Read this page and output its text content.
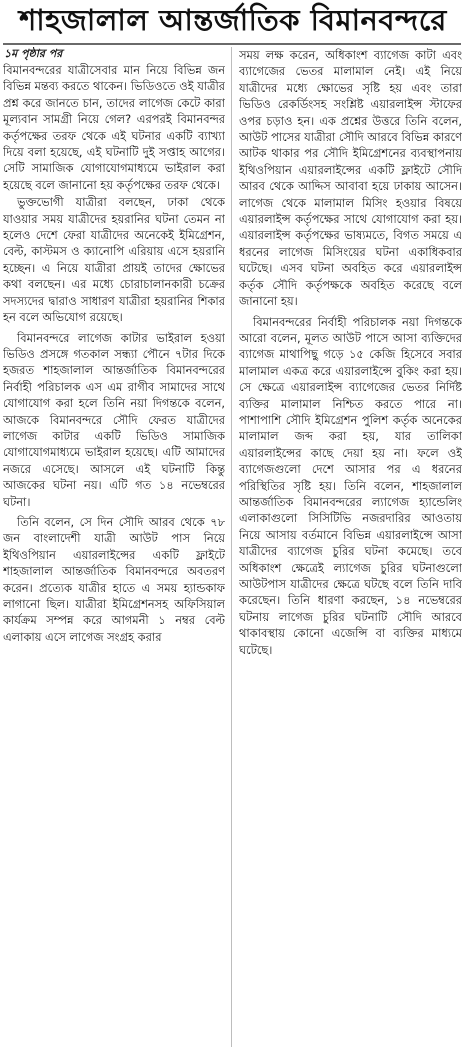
শাহজালাল আন্তর্জাতিক বিমানবন্দরে
১ম পৃষ্ঠার পর

বিমানবন্দরের যাত্রীসেবার মান নিয়ে বিভিন্ন জন বিভিন্ন মন্তব্য করতে থাকেন। ভিডিওতে ওই যাত্রীর প্রশ্ন করে জানতে চান, তাদের লাগেজ কেটে কারা মূল্যবান সামগ্রী নিয়ে গেল? এরপরই বিমানবন্দর কর্তৃপক্ষের তরফ থেকে এই ঘটনার একটি ব্যাখ্যা দিয়ে বলা হয়েছে, এই ঘটনাটি দুই সপ্তাহ আগের। সেটি সামাজিক যোগাযোগমাধ্যমে ভাইরাল করা হয়েছে বলে জানানো হয় কর্তৃপক্ষের তরফ থেকে।

ভুক্তভোগী যাত্রীরা বলছেন, ঢাকা থেকে যাওয়ার সময় যাত্রীদের হয়রানির ঘটনা তেমন না হলেও দেশে ফেরা যাত্রীদের অনেকেই ইমিগ্রেশন, বেল্ট, কাস্টমস ও ক্যানোপি এরিয়ায় এসে হয়রানি হচ্ছেন। এ নিয়ে যাত্রীরা প্রায়ই তাদের ক্ষোভের কথা বলছেন। এর মধ্যে চোরাচালানকারী চক্রের সদস্যদের দ্বারাও সাধারণ যাত্রীরা হয়রানির শিকার হন বলে অভিযোগ রয়েছে।

বিমানবন্দরে লাগেজ কাটার ভাইরাল হওয়া ভিডিও প্রসঙ্গে গতকাল সন্ধ্যা পৌনে ৭টার দিকে হজরত শাহজালাল আন্তর্জাতিক বিমানবন্দরের নির্বাহী পরিচালক এস এম রাগীব সামাদের সাথে যোগাযোগ করা হলে তিনি নয়া দিগন্তকে বলেন, আজকে বিমানবন্দরে সৌদি ফেরত যাত্রীদের লাগেজ কাটার একটি ভিডিও সামাজিক যোগাযোগমাধ্যমে ভাইরাল হয়েছে। এটি আমাদের নজরে এসেছে। আসলে এই ঘটনাটি কিন্তু আজকের ঘটনা নয়। এটি গত ১৪ নভেম্বরের ঘটনা।

তিনি বলেন, সে দিন সৌদি আরব থেকে ৭৮ জন বাংলাদেশী যাত্রী আউট পাস নিয়ে ইথিওপিয়ান এয়ারলাইন্সের একটি ফ্লাইটে শাহজালাল আন্তর্জাতিক বিমানবন্দরে অবতরণ করেন। প্রত্যেক যাত্রীর হাতে এ সময় হ্যান্ডকাফ লাগানো ছিল। যাত্রীরা ইমিগ্রেশনসহ অফিসিয়াল কার্যক্রম সম্পন্ন করে আগমনী ১ নম্বর বেল্ট এলাকায় এসে লাগেজ সংগ্রহ করার

সময় লক্ষ করেন, অধিকাংশ ব্যাগেজ কাটা এবং ব্যাগেজের ভেতর মালামাল নেই। এই নিয়ে যাত্রীদের মধ্যে ক্ষোভের সৃষ্টি হয় এবং তারা ভিডিও রেকর্ডিংসহ সংশ্লিষ্ট এয়ারলাইন্স স্টাফের ওপর চড়াও হন। এক প্রশ্নের উত্তরে তিনি বলেন, আউট পাসের যাত্রীরা সৌদি আরবে বিভিন্ন কারণে আটক থাকার পর সৌদি ইমিগ্রেশনের ব্যবস্থাপনায় ইথিওপিয়ান এয়ারলাইন্সের একটি ফ্লাইটে সৌদি আরব থেকে আদ্দিস আবাবা হয়ে ঢাকায় আসেন। লাগেজ থেকে মালামাল মিসিং হওয়ার বিষয়ে এয়ারলাইন্স কর্তৃপক্ষের সাথে যোগাযোগ করা হয়। এয়ারলাইন্স কর্তৃপক্ষের ভাষ্যমতে, বিগত সময়ে এ ধরনের লাগেজ মিসিংয়ের ঘটনা একাধিকবার ঘটেছে। এসব ঘটনা অবহিত করে এয়ারলাইন্স কর্তৃক সৌদি কর্তৃপক্ষকে অবহিত করেছে বলে জানানো হয়।

বিমানবন্দরের নির্বাহী পরিচালক নয়া দিগন্তকে আরো বলেন, মূলত আউট পাসে আসা ব্যক্তিদের ব্যাগেজ মাথাপিছু গড়ে ১৫ কেজি হিসেবে সবার মালামাল একত্র করে এয়ারলাইন্সে বুকিং করা হয়। সে ক্ষেত্রে এয়ারলাইন্স ব্যাগেজের ভেতর নির্দিষ্ট ব্যক্তির মালামাল নিশ্চিত করতে পারে না। পাশাপাশি সৌদি ইমিগ্রেশন পুলিশ কর্তৃক অনেকের মালামাল জব্দ করা হয়, যার তালিকা এয়ারলাইন্সের কাছে দেয়া হয় না। ফলে ওই ব্যাগেজগুলো দেশে আসার পর এ ধরনের পরিস্থিতির সৃষ্টি হয়। তিনি বলেন, শাহজালাল আন্তর্জাতিক বিমানবন্দরের ল্যাগেজ হ্যান্ডেলিং এলাকাগুলো সিসিটিভি নজরদারির আওতায় নিয়ে আসায় বর্তমানে বিভিন্ন এয়ারলাইন্সে আসা যাত্রীদের ব্যাগেজ চুরির ঘটনা কমেছে। তবে অধিকাংশ ক্ষেত্রেই ল্যাগেজ চুরির ঘটনাগুলো আউটপাস যাত্রীদের ক্ষেত্রে ঘটছে বলে তিনি দাবি করেছেন। তিনি ধারণা করছেন, ১৪ নভেম্বরের ঘটনায় লাগেজ চুরির ঘটনাটি সৌদি আরবে থাকাবস্থায় কোনো এজেন্সি বা ব্যক্তির মাধ্যমে ঘটেছে।
